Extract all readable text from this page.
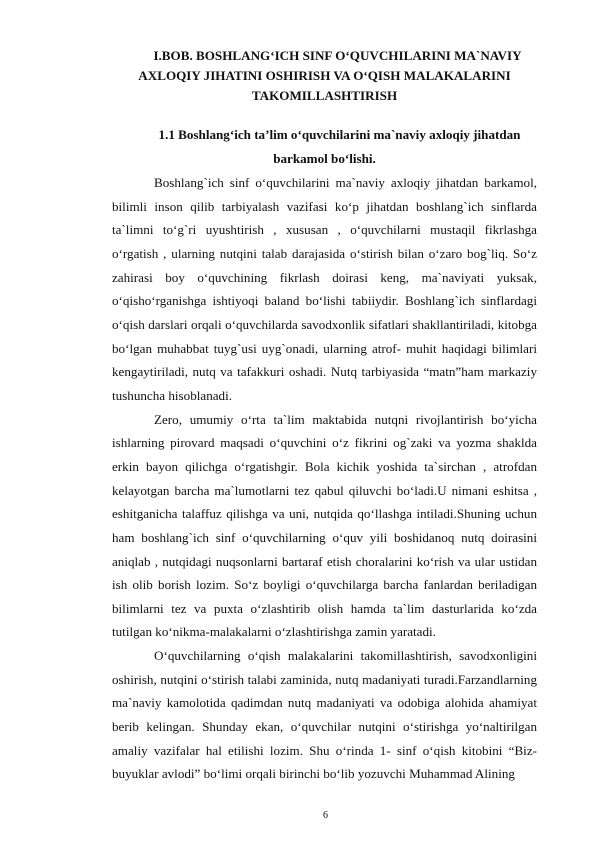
I.BOB. BOSHLANG‘ICH SINF O‘QUVCHILARINI MA`NAVIY
AXLOQIY JIHATINI OSHIRISH VA O‘QISH MALAKALARINI
TAKOMILLASHTIRISH
1.1 Boshlang‘ich ta’lim o‘quvchilarini ma`naviy axloqiy jihatdan
barkamol bo‘lishi.

Boshlang`ich sinf o‘quvchilarini ma`naviy axloqiy jihatdan barkamol, bilimli inson qilib tarbiyalash vazifasi ko‘p jihatdan boshlang`ich sinflarda ta`limni to‘g`ri uyushtirish , xususan , o‘quvchilarni mustaqil fikrlashga o‘rgatish , ularning nutqini talab darajasida o‘stirish bilan o‘zaro bog`liq. So‘z zahirasi boy o‘quvchining fikrlash doirasi keng, ma`naviyati yuksak, o‘qisho‘rganishga ishtiyoqi baland bo‘lishi tabiiydir. Boshlang`ich sinflardagi o‘qish darslari orqali o‘quvchilarda savodxonlik sifatlari shakllantiriladi, kitobga bo‘lgan muhabbat tuyg`usi uyg`onadi, ularning atrof- muhit haqidagi bilimlari kengaytiriladi, nutq va tafakkuri oshadi. Nutq tarbiyasida “matn”ham markaziy tushuncha hisoblanadi.

Zero, umumiy o‘rta ta`lim maktabida nutqni rivojlantirish bo‘yicha ishlarning pirovard maqsadi o‘quvchini o‘z fikrini og`zaki va yozma shaklda erkin bayon qilichga o‘rgatishgir. Bola kichik yoshida ta`sirchan , atrofdan kelayotgan barcha ma`lumotlarni tez qabul qiluvchi bo‘ladi.U nimani eshitsa , eshitganicha talaffuz qilishga va uni, nutqida qo‘llashga intiladi.Shuning uchun ham boshlang`ich sinf o‘quvchilarning o‘quv yili boshidanoq nutq doirasini aniqlab , nutqidagi nuqsonlarni bartaraf etish choralarini ko‘rish va ular ustidan ish olib borish lozim. So‘z boyligi o‘quvchilarga barcha fanlardan beriladigan bilimlarni tez va puxta o‘zlashtirib olish hamda ta`lim dasturlarida ko‘zda tutilgan ko‘nikma-malakalarni o‘zlashtirishga zamin yaratadi.

O‘quvchilarning o‘qish malakalarini takomillashtirish, savodxonligini oshirish, nutqini o‘stirish talabi zaminida, nutq madaniyati turadi.Farzandlarning ma`naviy kamolotida qadimdan nutq madaniyati va odobiga alohida ahamiyat berib kelingan. Shunday ekan, o‘quvchilar nutqini o‘stirishga yo‘naltirilgan amaliy vazifalar hal etilishi lozim. Shu o‘rinda 1- sinf o‘qish kitobini “Biz-buyuklar avlodi” bo‘limi orqali birinchi bo‘lib yozuvchi Muhammad Alining

6
